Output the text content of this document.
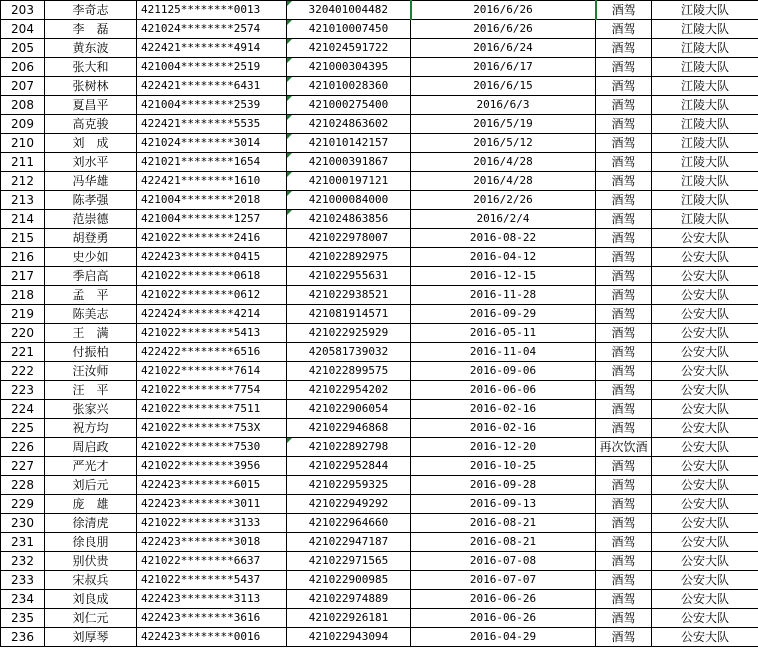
203	李奇志	421125********0013	320401004482	2016/6/26	酒驾	江陵大队
204	李　磊	421024********2574	421010007450	2016/6/26	酒驾	江陵大队
205	黄东波	422421********4914	421024591722	2016/6/24	酒驾	江陵大队
206	张大和	421004********2519	421000304395	2016/6/17	酒驾	江陵大队
207	张树林	422421********6431	421010028360	2016/6/15	酒驾	江陵大队
208	夏昌平	421004********2539	421000275400	2016/6/3	酒驾	江陵大队
209	高克骏	422421********5535	421024863602	2016/5/19	酒驾	江陵大队
210	刘　成	421024********3014	421010142157	2016/5/12	酒驾	江陵大队
211	刘水平	421021********1654	421000391867	2016/4/28	酒驾	江陵大队
212	冯华雄	422421********1610	421000197121	2016/4/28	酒驾	江陵大队
213	陈孝强	421004********2018	421000084000	2016/2/26	酒驾	江陵大队
214	范崇德	421004********1257	421024863856	2016/2/4	酒驾	江陵大队
215	胡登勇	421022********2416	421022978007	2016-08-22	酒驾	公安大队
216	史少如	422423********0415	421022892975	2016-04-12	酒驾	公安大队
217	季启高	421022********0618	421022955631	2016-12-15	酒驾	公安大队
218	孟　平	421022********0612	421022938521	2016-11-28	酒驾	公安大队
219	陈美志	422424********4214	421081914571	2016-09-29	酒驾	公安大队
220	王　满	421022********5413	421022925929	2016-05-11	酒驾	公安大队
221	付振柏	422422********6516	420581739032	2016-11-04	酒驾	公安大队
222	汪汝师	421022********7614	421022899575	2016-09-06	酒驾	公安大队
223	汪　平	421022********7754	421022954202	2016-06-06	酒驾	公安大队
224	张家兴	421022********7511	421022906054	2016-02-16	酒驾	公安大队
225	祝方均	421022********753X	421022946868	2016-02-16	酒驾	公安大队
226	周启政	421022********7530	421022892798	2016-12-20	再次饮酒	公安大队
227	严光才	421022********3956	421022952844	2016-10-25	酒驾	公安大队
228	刘后元	422423********6015	421022959325	2016-09-28	酒驾	公安大队
229	庞　雄	422423********3011	421022949292	2016-09-13	酒驾	公安大队
230	徐清虎	421022********3133	421022964660	2016-08-21	酒驾	公安大队
231	徐良朋	422423********3018	421022947187	2016-08-21	酒驾	公安大队
232	别伏贵	421022********6637	421022971565	2016-07-08	酒驾	公安大队
233	宋叔兵	421022********5437	421022900985	2016-07-07	酒驾	公安大队
234	刘良成	422423********3113	421022974889	2016-06-26	酒驾	公安大队
235	刘仁元	422423********3616	421022926181	2016-06-26	酒驾	公安大队
236	刘厚琴	422423********0016	421022943094	2016-04-29	酒驾	公安大队
